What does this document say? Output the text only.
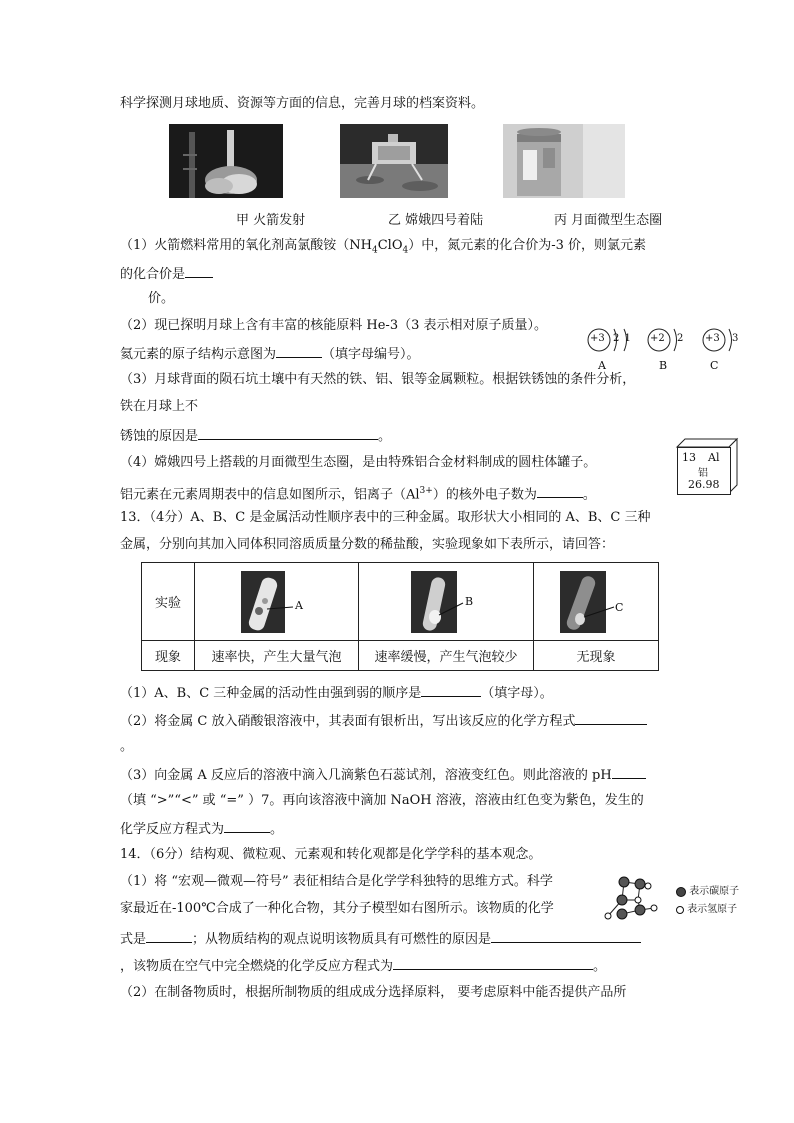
科学探测月球地质、资源等方面的信息，完善月球的档案资料。
甲 火箭发射	乙 嫦娥四号着陆	丙 月面微型生态圈
（1）火箭燃料常用的氧化剂高氯酸铵$(NH_4ClO_4)$中，氮元素的化合价为-3 价，则氯元素
的化合价是
价。
（2）现已探明月球上含有丰富的核能原料 He-3（3 表示相对原子质量）。
氦元素的原子结构示意图为	（填字母编号）。
+3 2 1
A
+2 2
B
+3 3
C
（3）月球背面的陨石坑土壤中有天然的铁、铝、银等金属颗粒。根据铁锈蚀的条件分析，
铁在月球上不
锈蚀的原因是	。
（4）嫦娥四号上搭载的月面微型生态圈，是由特殊铝合金材料制成的圆柱体罐子。
铝元素在元素周期表中的信息如图所示，铝离子$(Al^{3+})$的核外电子数为	。
13 Al
铝
26.98
13．（4分）A、B、C 是金属活动性顺序表中的三种金属。取形状大小相同的 A、B、C 三种
金属，分别向其加入同体积同溶质质量分数的稀盐酸，实验现象如下表所示，请回答：
实验	A	B	C

现象	速率快，产生大量气泡	速率缓慢，产生气泡较少	无现象
（1）A、B、C 三种金属的活动性由强到弱的顺序是	（填字母）。
（2）将金属 C 放入硝酸银溶液中，其表面有银析出，写出该反应的化学方程式
。
（3）向金属 A 反应后的溶液中滴入几滴紫色石蕊试剂，溶液变红色。则此溶液的 pH
（填 “>”“<” 或 “=” ）7。再向该溶液中滴加 NaOH 溶液，溶液由红色变为紫色，发生的
化学反应方程式为	。
14．（6分）结构观、微粒观、元素观和转化观都是化学学科的基本观念。
（1）将 “宏观—微观—符号” 表征相结合是化学学科独特的思维方式。科学
家最近在-100℃合成了一种化合物，其分子模型如右图所示。该物质的化学
式是	；从物质结构的观点说明该物质具有可燃性的原因是
，该物质在空气中完全燃烧的化学反应方程式为	。
（2）在制备物质时，根据所制物质的组成成分选择原料， 要考虑原料中能否提供产品所
表示碳原子
表示氢原子
